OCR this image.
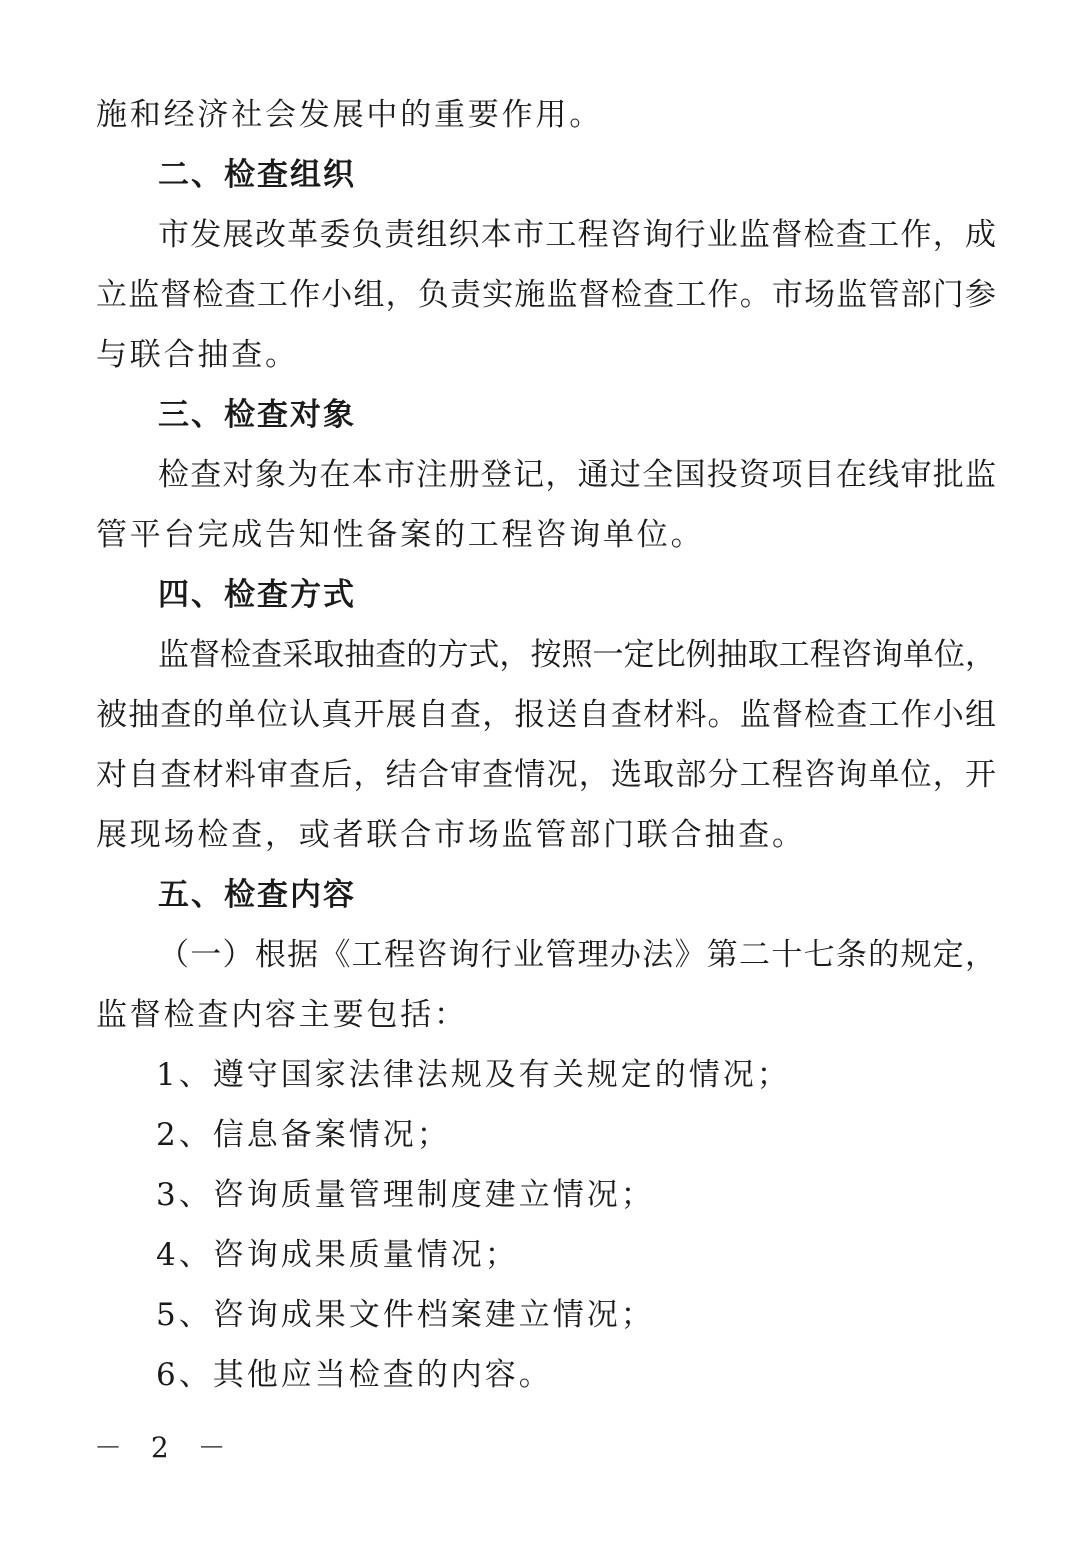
施和经济社会发展中的重要作用。
二、检查组织
市发展改革委负责组织本市工程咨询行业监督检查工作，成
立监督检查工作小组，负责实施监督检查工作。市场监管部门参
与联合抽查。
三、检查对象
检查对象为在本市注册登记，通过全国投资项目在线审批监
管平台完成告知性备案的工程咨询单位。
四、检查方式
监督检查采取抽查的方式，按照一定比例抽取工程咨询单位，
被抽查的单位认真开展自查，报送自查材料。监督检查工作小组
对自查材料审查后，结合审查情况，选取部分工程咨询单位，开
展现场检查，或者联合市场监管部门联合抽查。
五、检查内容
（一）根据《工程咨询行业管理办法》第二十七条的规定，
监督检查内容主要包括：
1、遵守国家法律法规及有关规定的情况；
2、信息备案情况；
3、咨询质量管理制度建立情况；
4、咨询成果质量情况；
5、咨询成果文件档案建立情况；
6、其他应当检查的内容。
－ 2 －
